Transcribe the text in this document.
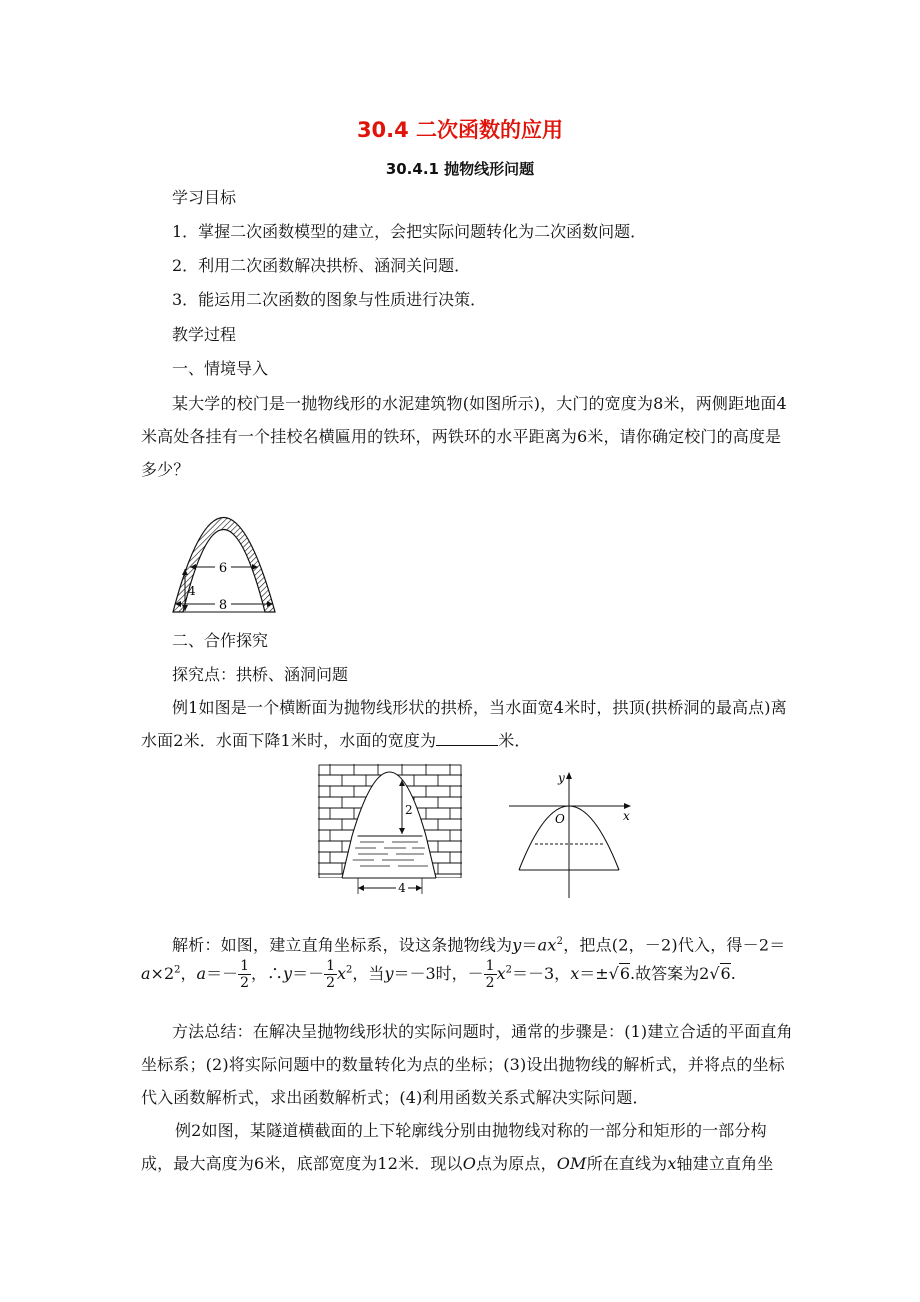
30.4 二次函数的应用
30.4.1 抛物线形问题
学习目标
1．掌握二次函数模型的建立，会把实际问题转化为二次函数问题．
2．利用二次函数解决拱桥、涵洞关问题．
3．能运用二次函数的图象与性质进行决策．
教学过程
一、情境导入
某大学的校门是一抛物线形的水泥建筑物(如图所示)，大门的宽度为8米，两侧距地面4米高处各挂有一个挂校名横匾用的铁环，两铁环的水平距离为6米，请你确定校门的高度是多少？
6
4
8
二、合作探究
探究点：拱桥、涵洞问题
例1如图是一个横断面为抛物线形状的拱桥，当水面宽4米时，拱顶(拱桥洞的最高点)离水面2米．水面下降1米时，水面的宽度为	米．
2
4
y
x
O
解析：如图，建立直角坐标系，设这条抛物线为$y=ax^2$，把点(2，－2)代入，得－2＝
$a\times 2^2$，$a=- \frac{1}{2}$ ，∴y＝－ $\frac{1}{2} x^2$，当y＝－3时，－ $\frac{1}{2} x^2=-3$，x＝±√6.故答案为2√6.
方法总结：在解决呈抛物线形状的实际问题时，通常的步骤是：(1)建立合适的平面直角坐标系；(2)将实际问题中的数量转化为点的坐标；(3)设出抛物线的解析式，并将点的坐标代入函数解析式，求出函数解析式；(4)利用函数关系式解决实际问题．
例2如图，某隧道横截面的上下轮廓线分别由抛物线对称的一部分和矩形的一部分构成，最大高度为6米，底部宽度为12米．现以O点为原点，OM所在直线为x轴建立直角坐
